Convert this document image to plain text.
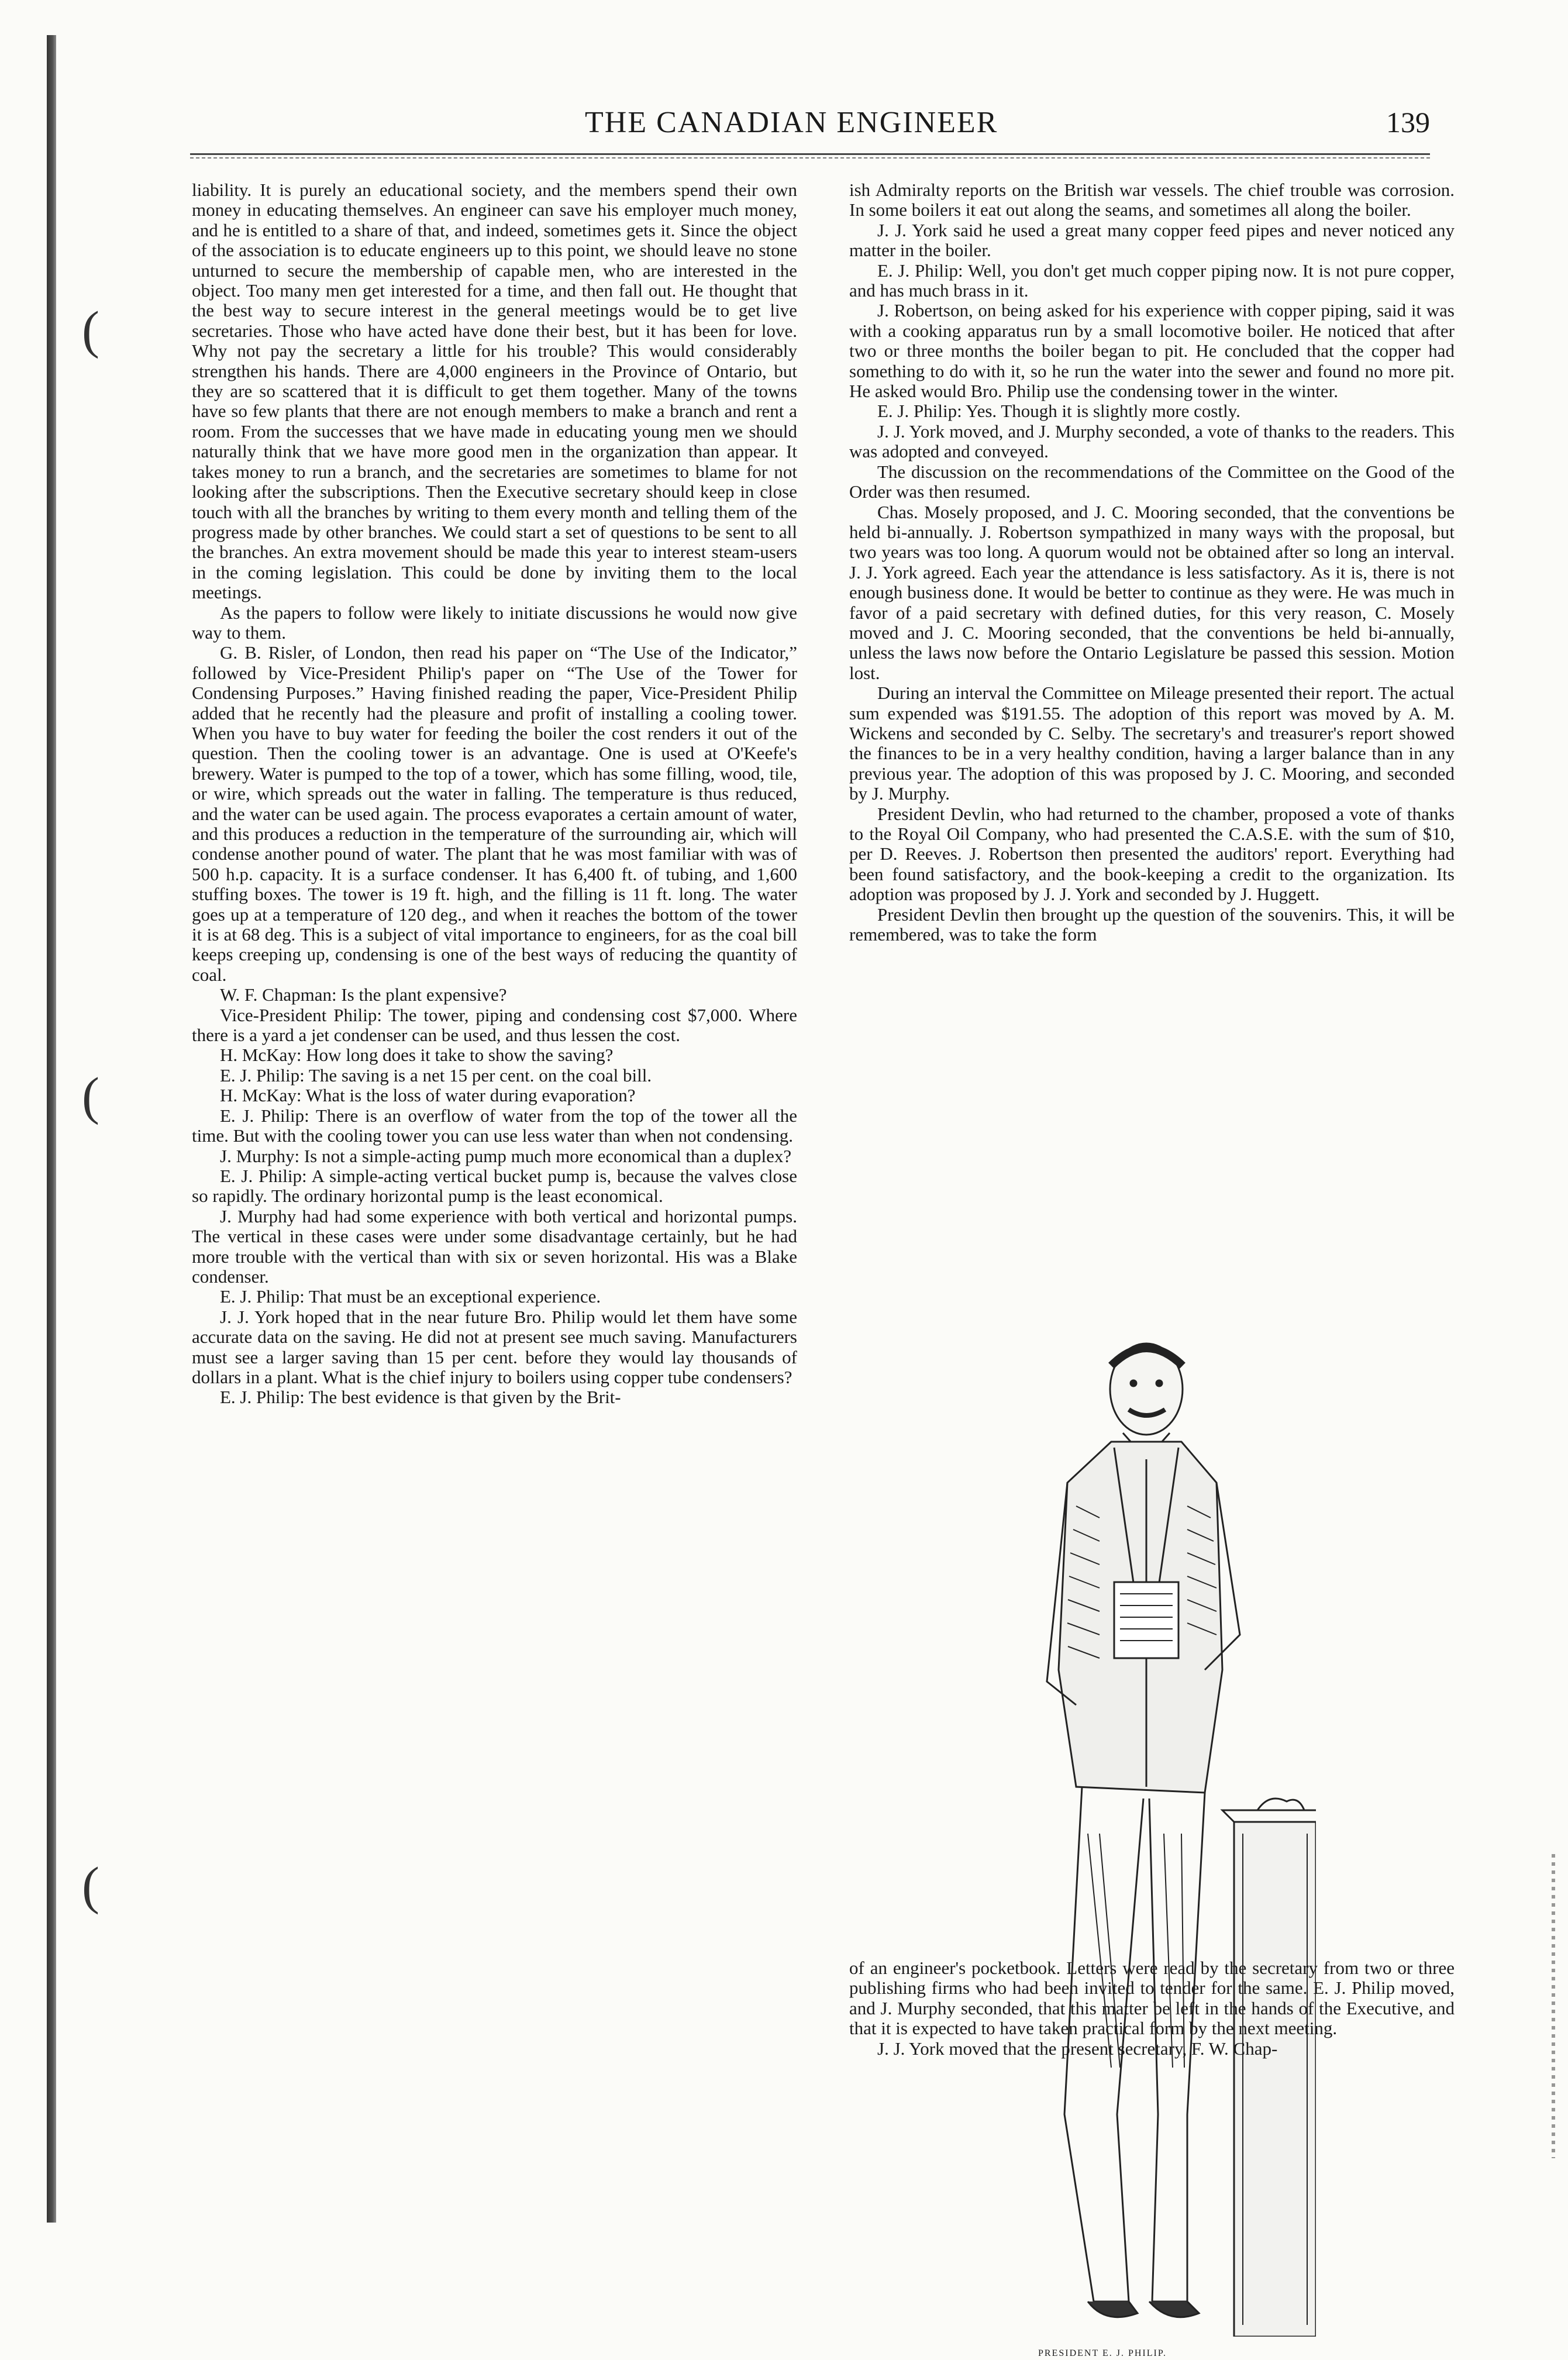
(
(
(
THE CANADIAN ENGINEER	139

liability. It is purely an educational society, and the members spend their own money in educating themselves. An engineer can save his employer much money, and he is entitled to a share of that, and indeed, sometimes gets it. Since the object of the association is to educate engineers up to this point, we should leave no stone unturned to secure the membership of capable men, who are interested in the object. Too many men get interested for a time, and then fall out. He thought that the best way to secure interest in the general meetings would be to get live secretaries. Those who have acted have done their best, but it has been for love. Why not pay the secretary a little for his trouble? This would considerably strengthen his hands. There are 4,000 engineers in the Province of Ontario, but they are so scattered that it is difficult to get them together. Many of the towns have so few plants that there are not enough members to make a branch and rent a room. From the successes that we have made in educating young men we should naturally think that we have more good men in the organization than appear. It takes money to run a branch, and the secretaries are sometimes to blame for not looking after the subscriptions. Then the Executive secretary should keep in close touch with all the branches by writing to them every month and telling them of the progress made by other branches. We could start a set of questions to be sent to all the branches. An extra movement should be made this year to interest steam-users in the coming legislation. This could be done by inviting them to the local meetings.

As the papers to follow were likely to initiate discussions he would now give way to them.

G. B. Risler, of London, then read his paper on “The Use of the Indicator,” followed by Vice-President Philip's paper on “The Use of the Tower for Condensing Purposes.” Having finished reading the paper, Vice-President Philip added that he recently had the pleasure and profit of installing a cooling tower. When you have to buy water for feeding the boiler the cost renders it out of the question. Then the cooling tower is an advantage. One is used at O'Keefe's brewery. Water is pumped to the top of a tower, which has some filling, wood, tile, or wire, which spreads out the water in falling. The temperature is thus reduced, and the water can be used again. The process evaporates a certain amount of water, and this produces a reduction in the temperature of the surrounding air, which will condense another pound of water. The plant that he was most familiar with was of 500 h.p. capacity. It is a surface condenser. It has 6,400 ft. of tubing, and 1,600 stuffing boxes. The tower is 19 ft. high, and the filling is 11 ft. long. The water goes up at a temperature of 120 deg., and when it reaches the bottom of the tower it is at 68 deg. This is a subject of vital importance to engineers, for as the coal bill keeps creeping up, condensing is one of the best ways of reducing the quantity of coal.

W. F. Chapman: Is the plant expensive?

Vice-President Philip: The tower, piping and condensing cost $7,000. Where there is a yard a jet condenser can be used, and thus lessen the cost.

H. McKay: How long does it take to show the saving?

E. J. Philip: The saving is a net 15 per cent. on the coal bill.

H. McKay: What is the loss of water during evaporation?

E. J. Philip: There is an overflow of water from the top of the tower all the time. But with the cooling tower you can use less water than when not condensing.

J. Murphy: Is not a simple-acting pump much more economical than a duplex?

E. J. Philip: A simple-acting vertical bucket pump is, because the valves close so rapidly. The ordinary horizontal pump is the least economical.

J. Murphy had had some experience with both vertical and horizontal pumps. The vertical in these cases were under some disadvantage certainly, but he had more trouble with the vertical than with six or seven horizontal. His was a Blake condenser.

E. J. Philip: That must be an exceptional experience.

J. J. York hoped that in the near future Bro. Philip would let them have some accurate data on the saving. He did not at present see much saving. Manufacturers must see a larger saving than 15 per cent. before they would lay thousands of dollars in a plant. What is the chief injury to boilers using copper tube condensers?

E. J. Philip: The best evidence is that given by the Brit-

ish Admiralty reports on the British war vessels. The chief trouble was corrosion. In some boilers it eat out along the seams, and sometimes all along the boiler.

J. J. York said he used a great many copper feed pipes and never noticed any matter in the boiler.

E. J. Philip: Well, you don't get much copper piping now. It is not pure copper, and has much brass in it.

J. Robertson, on being asked for his experience with copper piping, said it was with a cooking apparatus run by a small locomotive boiler. He noticed that after two or three months the boiler began to pit. He concluded that the copper had something to do with it, so he run the water into the sewer and found no more pit. He asked would Bro. Philip use the condensing tower in the winter.

E. J. Philip: Yes. Though it is slightly more costly.

J. J. York moved, and J. Murphy seconded, a vote of thanks to the readers. This was adopted and conveyed.

The discussion on the recommendations of the Committee on the Good of the Order was then resumed.

Chas. Mosely proposed, and J. C. Mooring seconded, that the conventions be held bi-annually. J. Robertson sympathized in many ways with the proposal, but two years was too long. A quorum would not be obtained after so long an interval. J. J. York agreed. Each year the attendance is less satisfactory. As it is, there is not enough business done. It would be better to continue as they were. He was much in favor of a paid secretary with defined duties, for this very reason, C. Mosely moved and J. C. Mooring seconded, that the conventions be held bi-annually, unless the laws now before the Ontario Legislature be passed this session. Motion lost.

During an interval the Committee on Mileage presented their report. The actual sum expended was $191.55. The adoption of this report was moved by A. M. Wickens and seconded by C. Selby. The secretary's and treasurer's report showed the finances to be in a very healthy condition, having a larger balance than in any previous year. The adoption of this was proposed by J. C. Mooring, and seconded by J. Murphy.

President Devlin, who had returned to the chamber, proposed a vote of thanks to the Royal Oil Company, who had presented the C.A.S.E. with the sum of $10, per D. Reeves. J. Robertson then presented the auditors' report. Everything had been found satisfactory, and the book-keeping a credit to the organization. Its adoption was proposed by J. J. York and seconded by J. Huggett.

President Devlin then brought up the question of the souvenirs. This, it will be remembered, was to take the form

PRESIDENT E. J. PHILIP.

of an engineer's pocketbook. Letters were read by the secretary from two or three publishing firms who had been invited to tender for the same. E. J. Philip moved, and J. Murphy seconded, that this matter be left in the hands of the Executive, and that it is expected to have taken practical form by the next meeting.

J. J. York moved that the present secretary, F. W. Chap-
